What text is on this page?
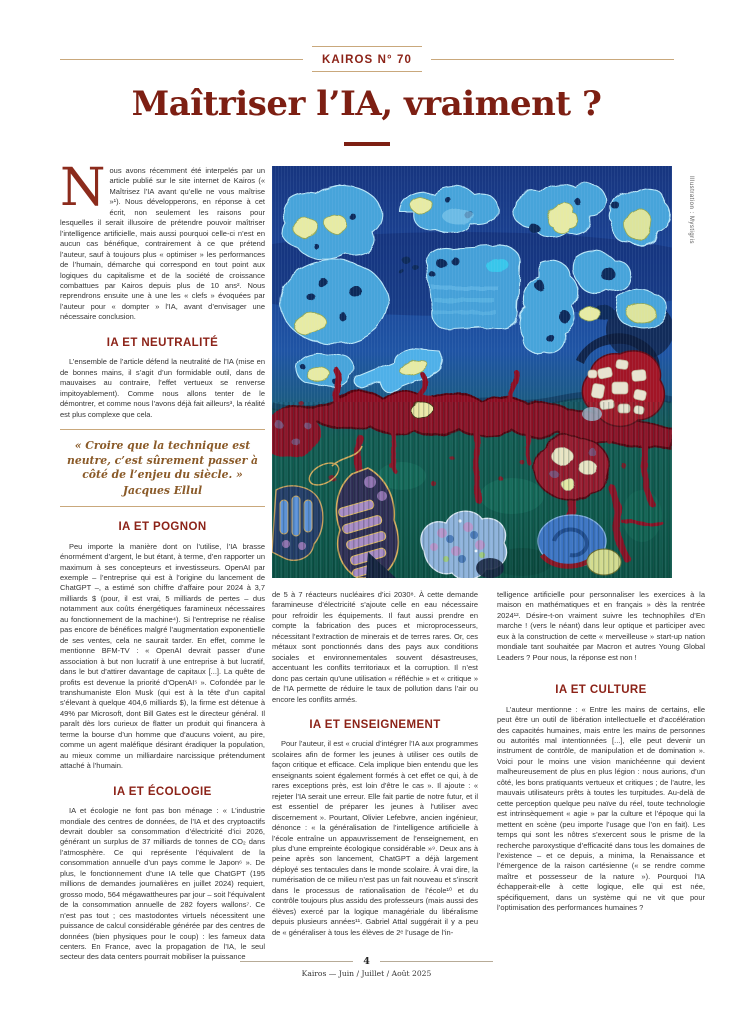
KAIROS N° 70
Maîtriser l’IA, vraiment ?

Nous avons récemment été interpelés par un article publié sur le site internet de Kairos (« Maîtrisez l’IA avant qu’elle ne vous maîtrise »¹). Nous développerons, en réponse à cet écrit, non seulement les raisons pour lesquelles il serait illusoire de prétendre pouvoir maîtriser l’intelligence artificielle, mais aussi pourquoi celle-ci n’est en aucun cas bénéfique, contrairement à ce que prétend l’auteur, sauf à toujours plus « optimiser » les performances de l’humain, démarche qui correspond en tout point aux logiques du capitalisme et de la société de croissance combattues par Kairos depuis plus de 10 ans². Nous reprendrons ensuite une à une les « clefs » évoquées par l’auteur pour « dompter » l’IA, avant d’envisager une nécessaire conclusion.

IA ET NEUTRALITÉ

L’ensemble de l’article défend la neutralité de l’IA (mise en de bonnes mains, il s’agit d’un formidable outil, dans de mauvaises au contraire, l’effet vertueux se renverse impitoyablement). Comme nous allons tenter de le démontrer, et comme nous l’avons déjà fait ailleurs³, la réalité est plus complexe que cela.

« Croire que la technique est neutre, c’est sûrement passer à côté de l’enjeu du siècle. »
Jacques Ellul
IA ET POGNON

Peu importe la manière dont on l’utilise, l’IA brasse énormément d’argent, le but étant, à terme, d’en rapporter un maximum à ses concepteurs et investisseurs. OpenAI par exemple – l’entreprise qui est à l’origine du lancement de ChatGPT –, a estimé son chiffre d’affaire pour 2024 à 3,7 milliards $ (pour, il est vrai, 5 milliards de pertes – dus notamment aux coûts énergétiques faramineux nécessaires au fonctionnement de la machine⁴). Si l’entreprise ne réalise pas encore de bénéfices malgré l’augmentation exponentielle de ses ventes, cela ne saurait tarder. En effet, comme le mentionne BFM-TV : « OpenAI devrait passer d’une association à but non lucratif à une entreprise à but lucratif, dans le but d’attirer davantage de capitaux [...]. La quête de profits est devenue la priorité d’OpenAI⁵ ». Cofondée par le transhumaniste Elon Musk (qui est à la tête d’un capital s’élevant à quelque 404,6 milliards $), la firme est détenue à 49% par Microsoft, dont Bill Gates est le directeur général. Il paraît dès lors curieux de flatter un produit qui financera à terme la bourse d’un homme que d’aucuns voient, au pire, comme un agent maléfique désirant éradiquer la population, au mieux comme un milliardaire narcissique prétendument attaché à l’humain.

IA ET ÉCOLOGIE

IA et écologie ne font pas bon ménage : « L’industrie mondiale des centres de données, de l’IA et des cryptoactifs devrait doubler sa consommation d’électricité d’ici 2026, générant un surplus de 37 milliards de tonnes de CO₂ dans l’atmosphère. Ce qui représente l’équivalent de la consommation annuelle d’un pays comme le Japon⁶ ». De plus, le fonctionnement d’une IA telle que ChatGPT (195 millions de demandes journalières en juillet 2024) requiert, grosso modo, 564 mégawattheures par jour – soit l’équivalent de la consommation annuelle de 282 foyers wallons⁷. Ce n’est pas tout ; ces mastodontes virtuels nécessitent une puissance de calcul considérable générée par des centres de données (bien physiques pour le coup) : les fameux data centers. En France, avec la propagation de l’IA, le seul secteur des data centers pourrait mobiliser la puissance

Illustration : Mystigris

de 5 à 7 réacteurs nucléaires d’ici 2030⁸. À cette demande faramineuse d’électricité s’ajoute celle en eau nécessaire pour refroidir les équipements. Il faut aussi prendre en compte la fabrication des puces et microprocesseurs, nécessitant l’extraction de minerais et de terres rares. Or, ces métaux sont ponctionnés dans des pays aux conditions sociales et environnementales souvent désastreuses, accentuant les conflits territoriaux et la corruption. Il n’est donc pas certain qu’une utilisation « réfléchie » et « critique » de l’IA permette de réduire le taux de pollution dans l’air ou encore les conflits armés.

IA ET ENSEIGNEMENT

Pour l’auteur, il est « crucial d’intégrer l’IA aux programmes scolaires afin de former les jeunes à utiliser ces outils de façon critique et efficace. Cela implique bien entendu que les enseignants soient également formés à cet effet ce qui, à de rares exceptions près, est loin d’être le cas ». Il ajoute : « rejeter l’IA serait une erreur. Elle fait partie de notre futur, et il est essentiel de préparer les jeunes à l’utiliser avec discernement ». Pourtant, Olivier Lefebvre, ancien ingénieur, dénonce : « la généralisation de l’intelligence artificielle à l’école entraîne un appauvrissement de l’enseignement, en plus d’une empreinte écologique considérable »⁹. Deux ans à peine après son lancement, ChatGPT a déjà largement déployé ses tentacules dans le monde scolaire. À vrai dire, la numérisation de ce milieu n’est pas un fait nouveau et s’inscrit dans le processus de rationalisation de l’école¹⁰ et du contrôle toujours plus assidu des professeurs (mais aussi des élèves) exercé par la logique managériale du libéralisme depuis plusieurs années¹¹. Gabriel Attal suggérait il y a peu de « généraliser à tous les élèves de 2ᵉ l’usage de l’in-

telligence artificielle pour personnaliser les exercices à la maison en mathématiques et en français » dès la rentrée 2024¹². Désire-t-on vraiment suivre les technophiles d’En marche ! (vers le néant) dans leur optique et participer avec eux à la construction de cette « merveilleuse » start-up nation mondiale tant souhaitée par Macron et autres Young Global Leaders ? Pour nous, la réponse est non !

IA ET CULTURE

L’auteur mentionne : « Entre les mains de certains, elle peut être un outil de libération intellectuelle et d’accélération des capacités humaines, mais entre les mains de personnes ou autorités mal intentionnées [...], elle peut devenir un instrument de contrôle, de manipulation et de domination ». Voici pour le moins une vision manichéenne qui devient malheureusement de plus en plus légion : nous aurions, d’un côté, les bons pratiquants vertueux et critiques ; de l’autre, les mauvais utilisateurs prêts à toutes les turpitudes. Au-delà de cette perception quelque peu naïve du réel, toute technologie est intrinsèquement « agie » par la culture et l’époque qui la mettent en scène (peu importe l’usage que l’on en fait). Les temps qui sont les nôtres s’exercent sous le prisme de la recherche paroxystique d’efficacité dans tous les domaines de l’existence – et ce depuis, a minima, la Renaissance et l’émergence de la raison cartésienne (« se rendre comme maître et possesseur de la nature »). Pourquoi l’IA échapperait-elle à cette logique, elle qui est née, spécifiquement, dans un système qui ne vit que pour l’optimisation des performances humaines ?

4
Kairos — Juin / Juillet / Août 2025
